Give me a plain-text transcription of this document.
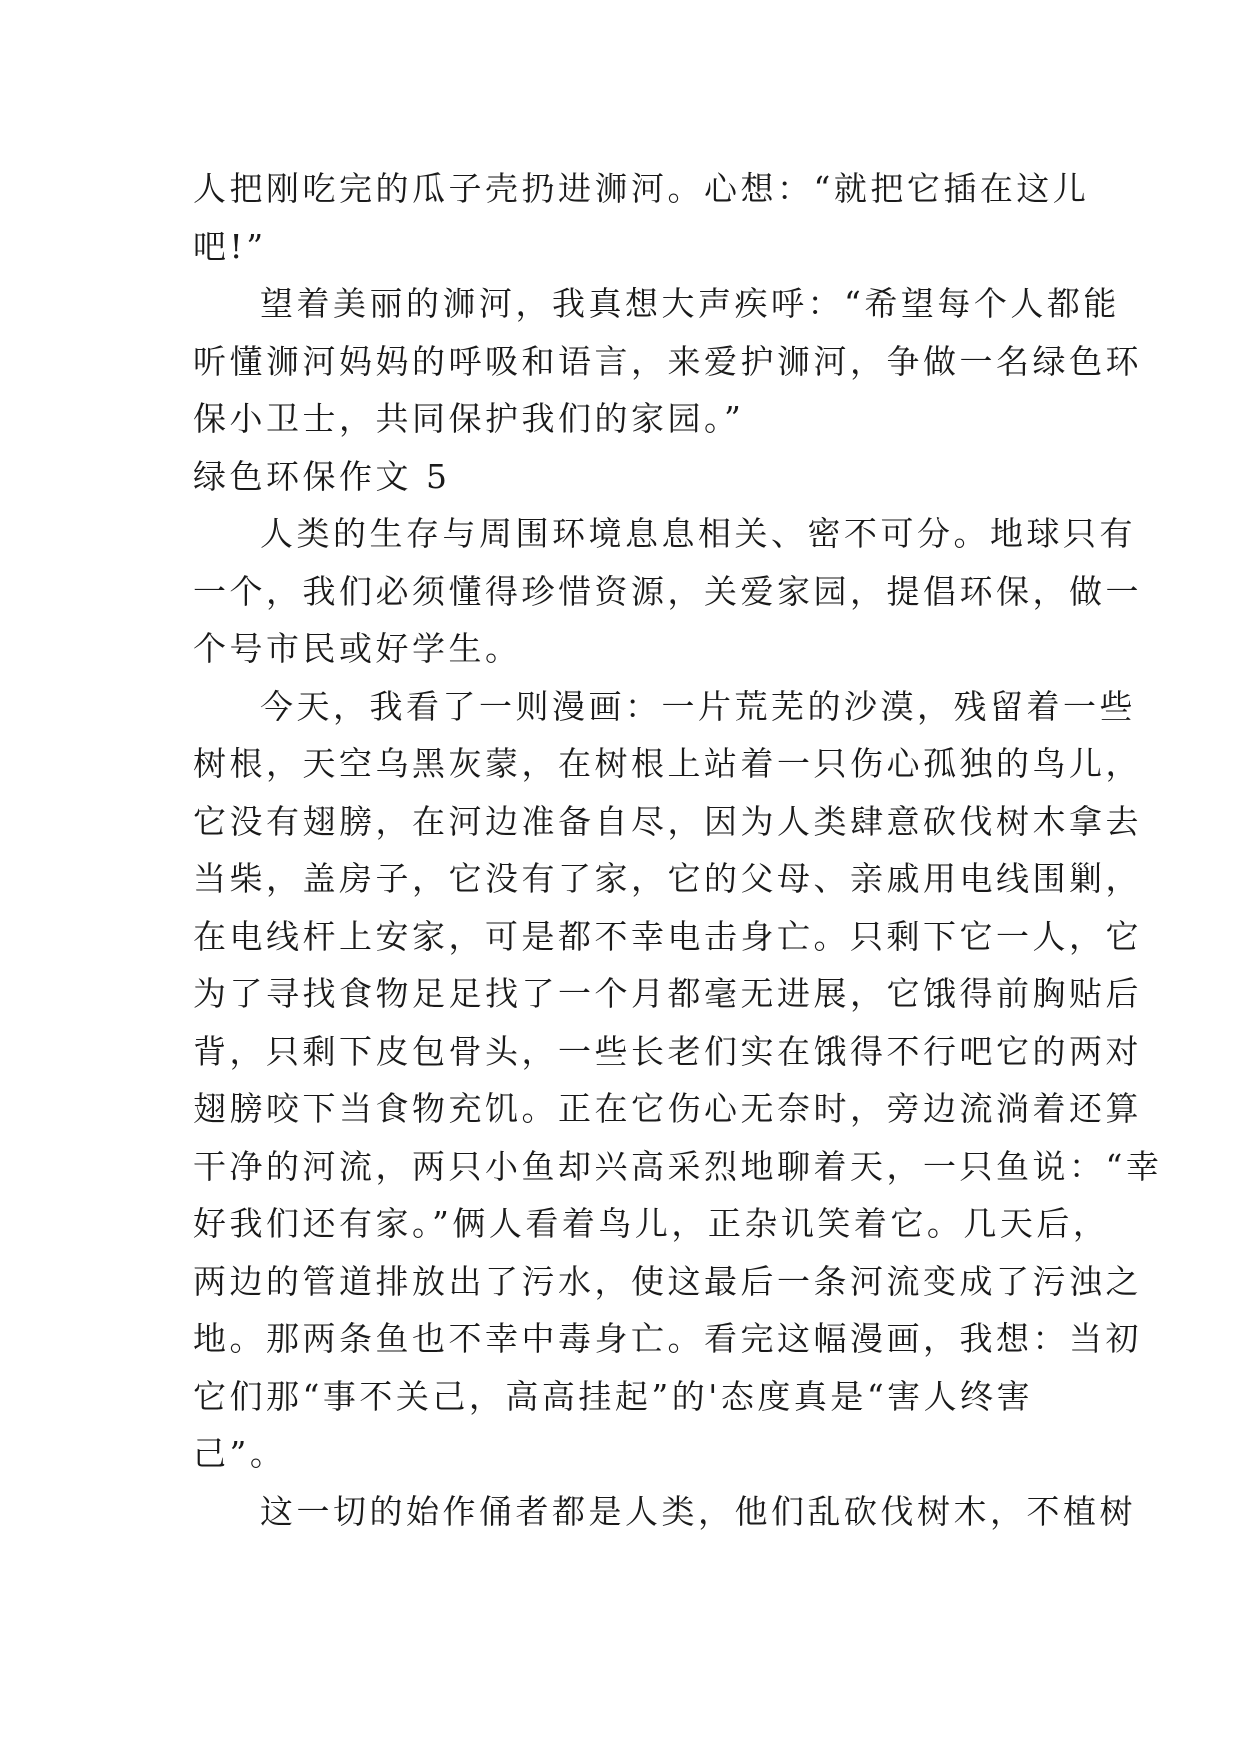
人把刚吃完的瓜子壳扔进浉河。心想：“就把它插在这儿
吧!”
望着美丽的浉河，我真想大声疾呼：“希望每个人都能
听懂浉河妈妈的呼吸和语言，来爱护浉河，争做一名绿色环
保小卫士，共同保护我们的家园。”
绿色环保作文 5
人类的生存与周围环境息息相关、密不可分。地球只有
一个，我们必须懂得珍惜资源，关爱家园，提倡环保，做一
个号市民或好学生。
今天，我看了一则漫画：一片荒芜的沙漠，残留着一些
树根，天空乌黑灰蒙，在树根上站着一只伤心孤独的鸟儿，
它没有翅膀，在河边准备自尽，因为人类肆意砍伐树木拿去
当柴，盖房子，它没有了家，它的父母、亲戚用电线围剿，
在电线杆上安家，可是都不幸电击身亡。只剩下它一人，它
为了寻找食物足足找了一个月都毫无进展，它饿得前胸贴后
背，只剩下皮包骨头，一些长老们实在饿得不行吧它的两对
翅膀咬下当食物充饥。正在它伤心无奈时，旁边流淌着还算
干净的河流，两只小鱼却兴高采烈地聊着天，一只鱼说：“幸
好我们还有家。”俩人看着鸟儿，正杂讥笑着它。几天后，
两边的管道排放出了污水，使这最后一条河流变成了污浊之
地。那两条鱼也不幸中毒身亡。看完这幅漫画，我想：当初
它们那“事不关己，高高挂起”的'态度真是“害人终害
己”。
这一切的始作俑者都是人类，他们乱砍伐树木，不植树
